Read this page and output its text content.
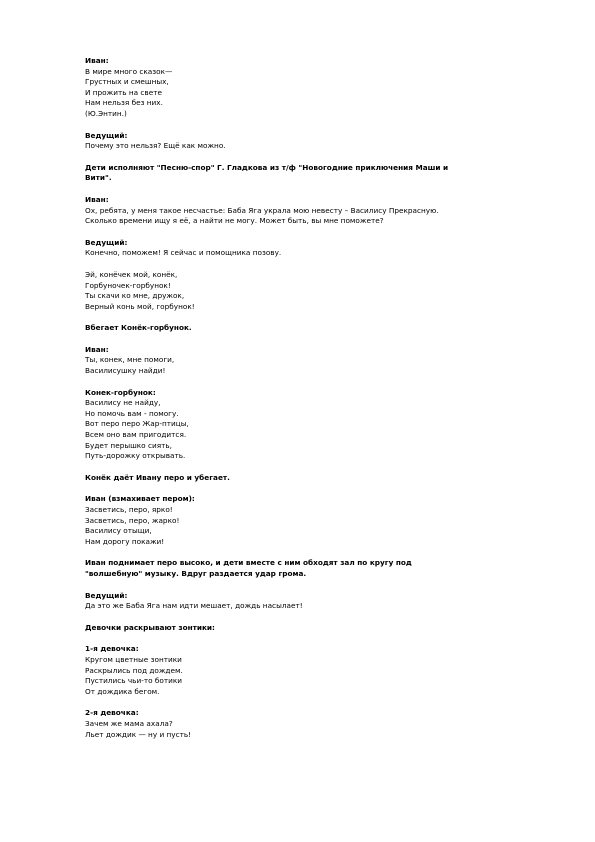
Иван:
В мире много сказок—
Грустных и смешных,
И прожить на свете
Нам нельзя без них.
(Ю.Энтин.)
Ведущий:
Почему это нельзя? Ещё как можно.
Дети исполняют "Песню-спор" Г. Гладкова из т/ф "Новогодние приключения Маши и
Вити".
Иван:
Ох, ребята, у меня такое несчастье: Баба Яга украла мою невесту – Василису Прекрасную.
Сколько времени ищу я её, а найти не могу. Может быть, вы мне поможете?
Ведущий:
Конечно, поможем! Я сейчас и помощника позову.
Эй, конёчек мой, конёк,
Горбуночек-горбунок!
Ты скачи ко мне, дружок,
Верный конь мой, горбунок!
Вбегает Конёк-горбунок.
Иван:
Ты, конек, мне помоги,
Василисушку найди!
Конек-горбунок:
Василису не найду,
Но помочь вам - помогу.
Вот перо перо Жар-птицы,
Всем оно вам пригодится.
Будет перышко сиять,
Путь-дорожку открывать.
Конёк даёт Ивану перо и убегает.
Иван (взмахивает пером):
Засветись, перо, ярко!
Засветись, перо, жарко!
Василису отыщи,
Нам дорогу покажи!
Иван поднимает перо высоко, и дети вместе с ним обходят зал по кругу под
"волшебную" музыку. Вдруг раздается удар грома.
Ведущий:
Да это же Баба Яга нам идти мешает, дождь насылает!
Девочки раскрывают зонтики:
1-я девочка:
Кругом цветные зонтики
Раскрылись под дождем.
Пустились чьи-то ботики
От дождика бегом.
2-я девочка:
Зачем же мама ахала?
Льет дождик — ну и пусть!
